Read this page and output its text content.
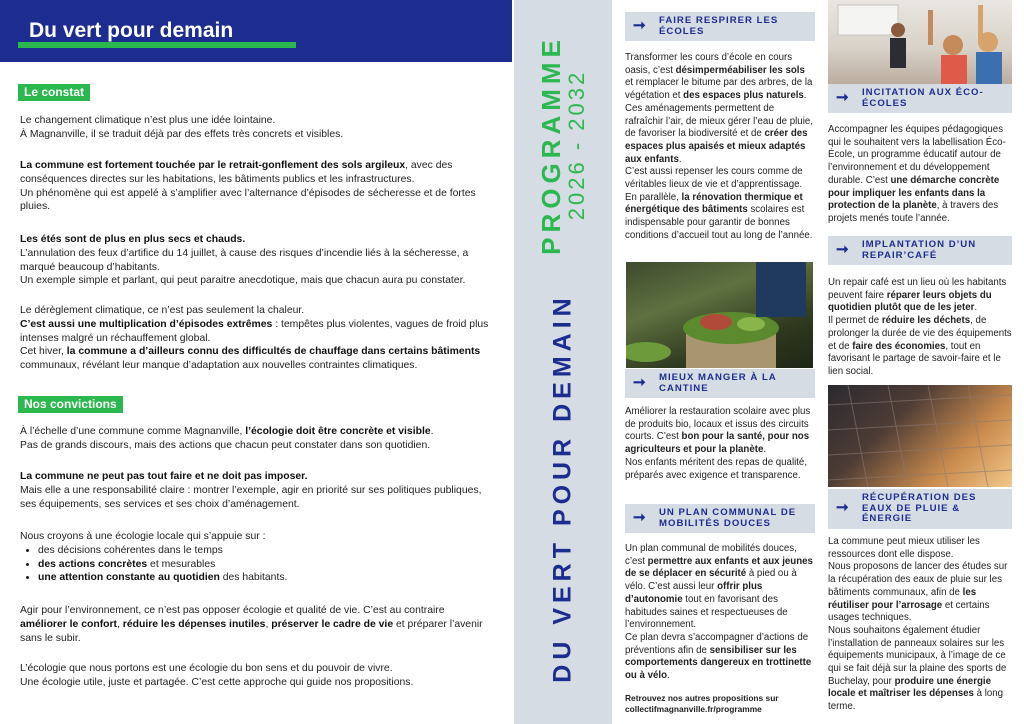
Du vert pour demain
Le constat
Le changement climatique n’est plus une idée lointaine.
À Magnanville, il se traduit déjà par des effets très concrets et visibles.
La commune est fortement touchée par le retrait-gonflement des sols argileux, avec des conséquences directes sur les habitations, les bâtiments publics et les infrastructures.
Un phénomène qui est appelé à s’amplifier avec l’alternance d’épisodes de sécheresse et de fortes pluies.
Les étés sont de plus en plus secs et chauds.
L’annulation des feux d’artifice du 14 juillet, à cause des risques d’incendie liés à la sécheresse, a marqué beaucoup d’habitants.
Un exemple simple et parlant, qui peut paraitre anecdotique, mais que chacun aura pu constater.
Le dérèglement climatique, ce n’est pas seulement la chaleur.
C’est aussi une multiplication d’épisodes extrêmes : tempêtes plus violentes, vagues de froid plus intenses malgré un réchauffement global.
Cet hiver, la commune a d’ailleurs connu des difficultés de chauffage dans certains bâtiments communaux, révélant leur manque d’adaptation aux nouvelles contraintes climatiques.
Nos convictions
À l’échelle d’une commune comme Magnanville, l’écologie doit être concrète et visible.
Pas de grands discours, mais des actions que chacun peut constater dans son quotidien.
La commune ne peut pas tout faire et ne doit pas imposer.
Mais elle a une responsabilité claire : montrer l’exemple, agir en priorité sur ses politiques publiques, ses équipements, ses services et ses choix d’aménagement.
Nous croyons à une écologie locale qui s’appuie sur :
• des décisions cohérentes dans le temps
• des actions concrètes et mesurables
• une attention constante au quotidien des habitants.
Agir pour l’environnement, ce n’est pas opposer écologie et qualité de vie. C’est au contraire améliorer le confort, réduire les dépenses inutiles, préserver le cadre de vie et préparer l’avenir sans le subir.
L’écologie que nous portons est une écologie du bon sens et du pouvoir de vivre.
Une écologie utile, juste et partagée. C’est cette approche qui guide nos propositions.
PROGRAMME
2026 - 2032
DU VERT POUR DEMAIN
➞ FAIRE RESPIRER LES ÉCOLES
Transformer les cours d’école en cours oasis, c’est désimperméabiliser les sols et remplacer le bitume par des arbres, de la végétation et des espaces plus naturels.
Ces aménagements permettent de rafraîchir l’air, de mieux gérer l’eau de pluie, de favoriser la biodiversité et de créer des espaces plus apaisés et mieux adaptés aux enfants.
C’est aussi repenser les cours comme de véritables lieux de vie et d’apprentissage.
En parallèle, la rénovation thermique et énergétique des bâtiments scolaires est indispensable pour garantir de bonnes conditions d’accueil tout au long de l’année.
➞ MIEUX MANGER À LA CANTINE
Améliorer la restauration scolaire avec plus de produits bio, locaux et issus des circuits courts. C’est bon pour la santé, pour nos agriculteurs et pour la planète.
Nos enfants méritent des repas de qualité, préparés avec exigence et transparence.
➞ UN PLAN COMMUNAL DE MOBILITÉS DOUCES
Un plan communal de mobilités douces, c’est permettre aux enfants et aux jeunes de se déplacer en sécurité à pied ou à vélo. C’est aussi leur offrir plus d’autonomie tout en favorisant des habitudes saines et respectueuses de l’environnement.
Ce plan devra s’accompagner d’actions de préventions afin de sensibiliser sur les comportements dangereux en trottinette ou à vélo.
Retrouvez nos autres propositions sur collectifmagnanville.fr/programme
➞ INCITATION AUX ÉCO-ÉCOLES
Accompagner les équipes pédagogiques qui le souhaitent vers la labellisation Éco-École, un programme éducatif autour de l’environnement et du développement durable. C’est une démarche concrète pour impliquer les enfants dans la protection de la planète, à travers des projets menés toute l’année.
➞ IMPLANTATION D’UN REPAIR’CAFÉ
Un repair café est un lieu où les habitants peuvent faire réparer leurs objets du quotidien plutôt que de les jeter.
Il permet de réduire les déchets, de prolonger la durée de vie des équipements et de faire des économies, tout en favorisant le partage de savoir-faire et le lien social.
➞
RÉCUPÉRATION DES EAUX DE PLUIE & ÉNERGIE
La commune peut mieux utiliser les ressources dont elle dispose.
Nous proposons de lancer des études sur la récupération des eaux de pluie sur les bâtiments communaux, afin de les réutiliser pour l’arrosage et certains usages techniques.
Nous souhaitons également étudier l’installation de panneaux solaires sur les équipements municipaux, à l’image de ce qui se fait déjà sur la plaine des sports de Buchelay, pour produire une énergie locale et maîtriser les dépenses à long terme.
